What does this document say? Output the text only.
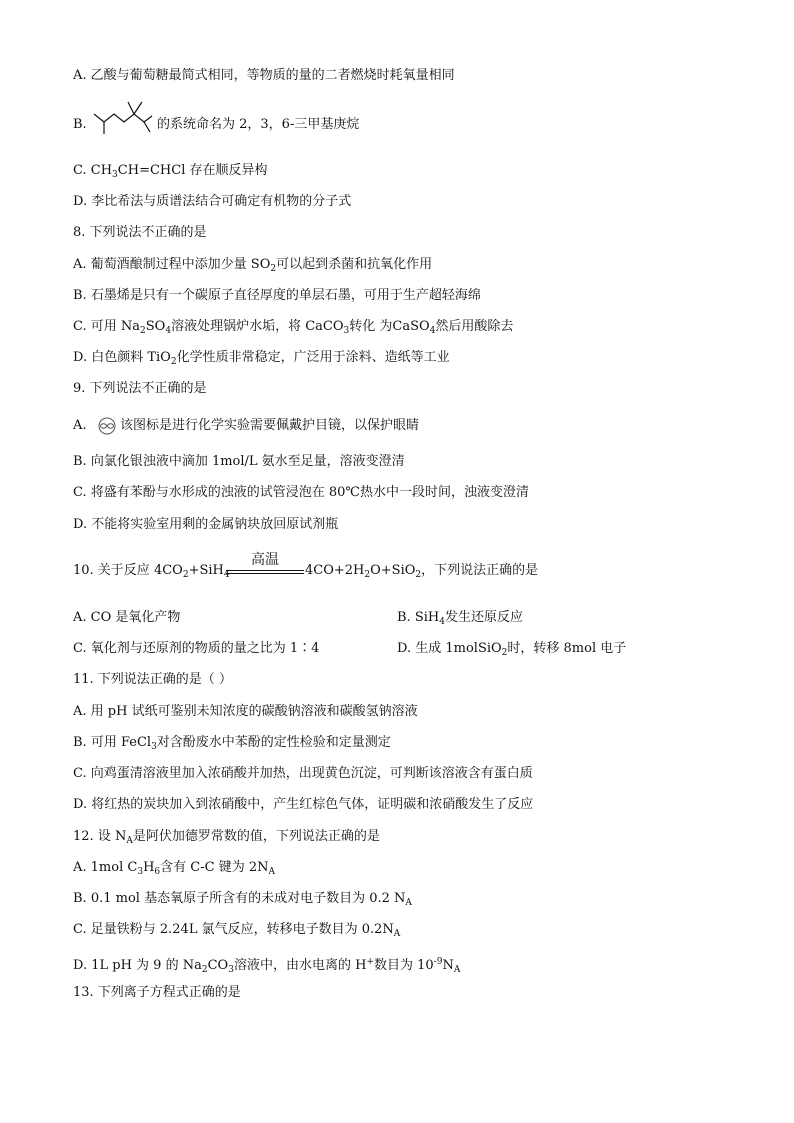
A. 乙酸与葡萄糖最简式相同，等物质的量的二者燃烧时耗氧量相同
B.	的系统命名为 2，3，6-三甲基庚烷
C. $CH_3CH=CHCl$ 存在顺反异构
D. 李比希法与质谱法结合可确定有机物的分子式
8. 下列说法不正确的是
A. 葡萄酒酿制过程中添加少量 $SO_2$可以起到杀菌和抗氧化作用
B. 石墨烯是只有一个碳原子直径厚度的单层石墨，可用于生产超轻海绵
C. 可用 $Na_2SO_4$溶液处理锅炉水垢，将 CaCO$_3$转化 为CaSO$_4$然后用酸除去
D. 白色颜料 TiO$_2$化学性质非常稳定，广泛用于涂料、造纸等工业
9. 下列说法不正确的是
A.	该图标是进行化学实验需要佩戴护目镜，以保护眼睛
B. 向氯化银浊液中滴加 1mol/L 氨水至足量，溶液变澄清
C. 将盛有苯酚与水形成的浊液的试管浸泡在 80℃热水中一段时间，浊液变澄清
D. 不能将实验室用剩的金属钠块放回原试剂瓶
10. 关于反应 $4CO_2+SiH_4$
高温
$4CO+2H_2O+SiO_2$，下列说法正确的是
A. CO 是氧化产物	B. SiH$_4$发生还原反应
C. 氧化剂与还原剂的物质的量之比为 1∶4	D. 生成 1molSiO$_2$时，转移 8mol 电子
11. 下列说法正确的是（ ）
A. 用 pH 试纸可鉴别未知浓度的碳酸钠溶液和碳酸氢钠溶液
B. 可用 FeCl$_3$对含酚废水中苯酚的定性检验和定量测定
C. 向鸡蛋清溶液里加入浓硝酸并加热，出现黄色沉淀，可判断该溶液含有蛋白质
D. 将红热的炭块加入到浓硝酸中，产生红棕色气体，证明碳和浓硝酸发生了反应
12. 设 $N_A$是阿伏加德罗常数的值，下列说法正确的是
A. 1mol $C_3H_6$含有 C-C 键为 $2N_A$
B. 0.1 mol 基态氧原子所含有的未成对电子数目为 0.2 $N_A$
C. 足量铁粉与 2.24L 氯气反应，转移电子数目为 $0.2N_A$
D. 1L pH 为 9 的 $Na_2CO_3$溶液中，由水电离的 H+数目为 $10^{-9}N_A$
13. 下列离子方程式正确的是
